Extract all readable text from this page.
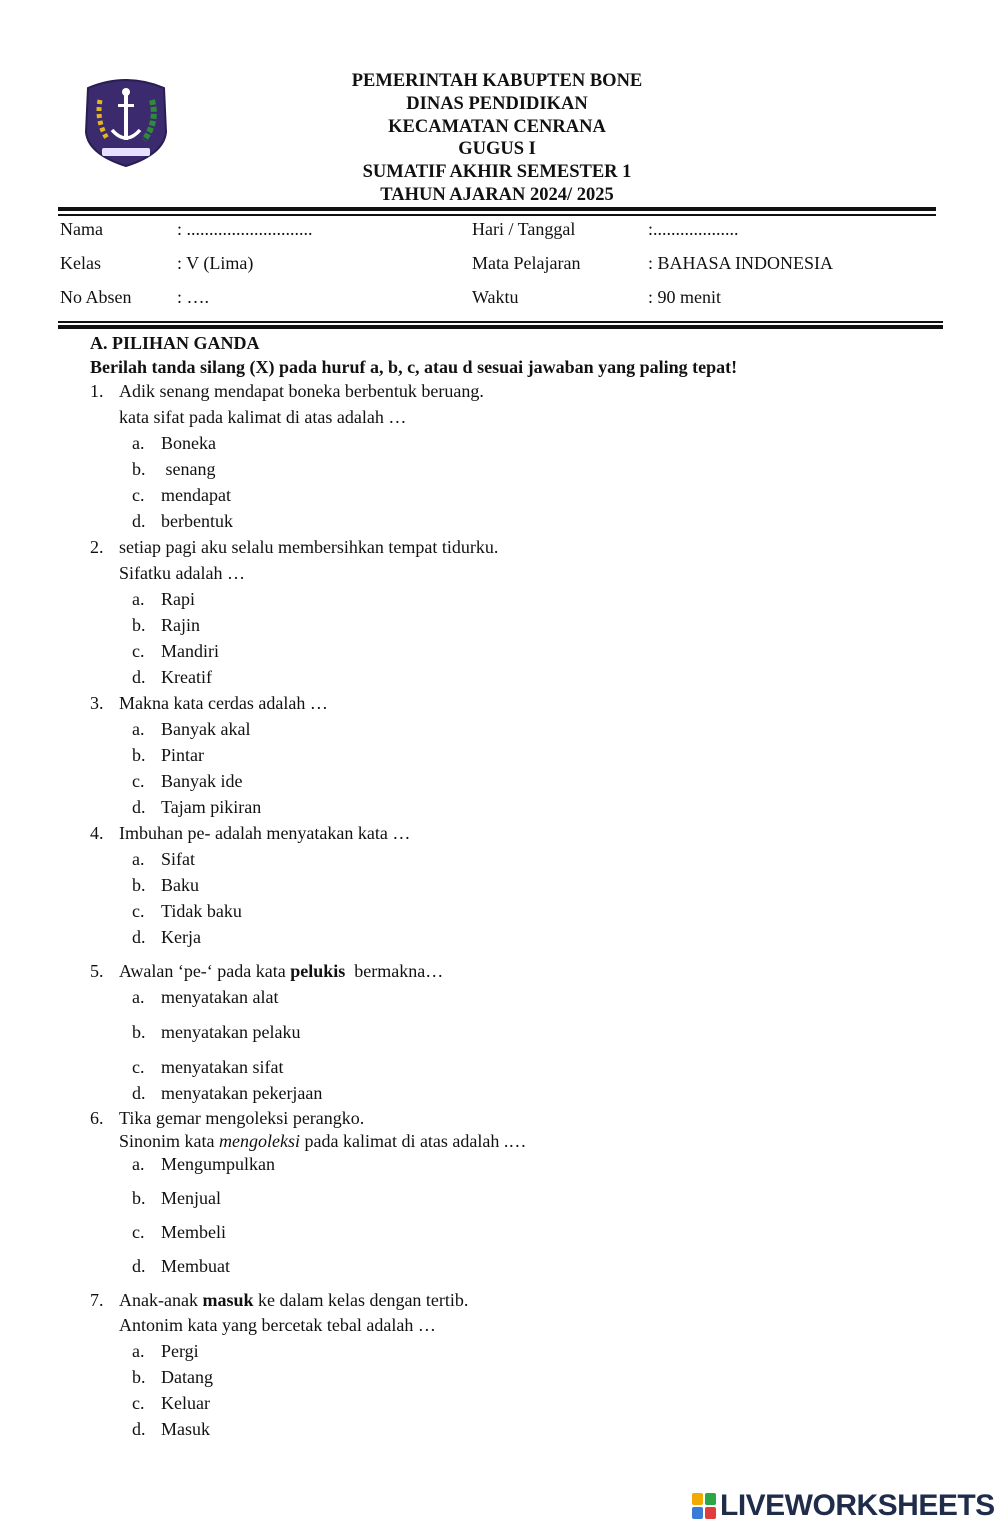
PEMERINTAH KABUPTEN BONE
DINAS PENDIDIKAN
KECAMATAN CENRANA
GUGUS I
SUMATIF AKHIR SEMESTER 1
TAHUN AJARAN 2024/ 2025
Nama	: ............................	Hari / Tanggal	:...................
Kelas	: V (Lima)	Mata Pelajaran	: BAHASA INDONESIA
No Absen	: ….	Waktu	: 90 menit
A. PILIHAN GANDA
Berilah tanda silang (X) pada huruf a, b, c, atau d sesuai jawaban yang paling tepat!
1. Adik senang mendapat boneka berbentuk beruang.
kata sifat pada kalimat di atas adalah …
a. Boneka
b. senang
c. mendapat
d. berbentuk
2. setiap pagi aku selalu membersihkan tempat tidurku.
Sifatku adalah …
a. Rapi
b. Rajin
c. Mandiri
d. Kreatif
3. Makna kata cerdas adalah …
a. Banyak akal
b. Pintar
c. Banyak ide
d. Tajam pikiran
4. Imbuhan pe- adalah menyatakan kata …
a. Sifat
b. Baku
c. Tidak baku
d. Kerja
5. Awalan ‘pe-‘ pada kata pelukis  bermakna…
a. menyatakan alat
b. menyatakan pelaku
c. menyatakan sifat
d. menyatakan pekerjaan
6. Tika gemar mengoleksi perangko.
Sinonim kata mengoleksi pada kalimat di atas adalah .…
a. Mengumpulkan
b. Menjual
c. Membeli
d. Membuat
7. Anak-anak masuk ke dalam kelas dengan tertib.
Antonim kata yang bercetak tebal adalah …
a. Pergi
b. Datang
c. Keluar
d. Masuk
LIVEWORKSHEETS
